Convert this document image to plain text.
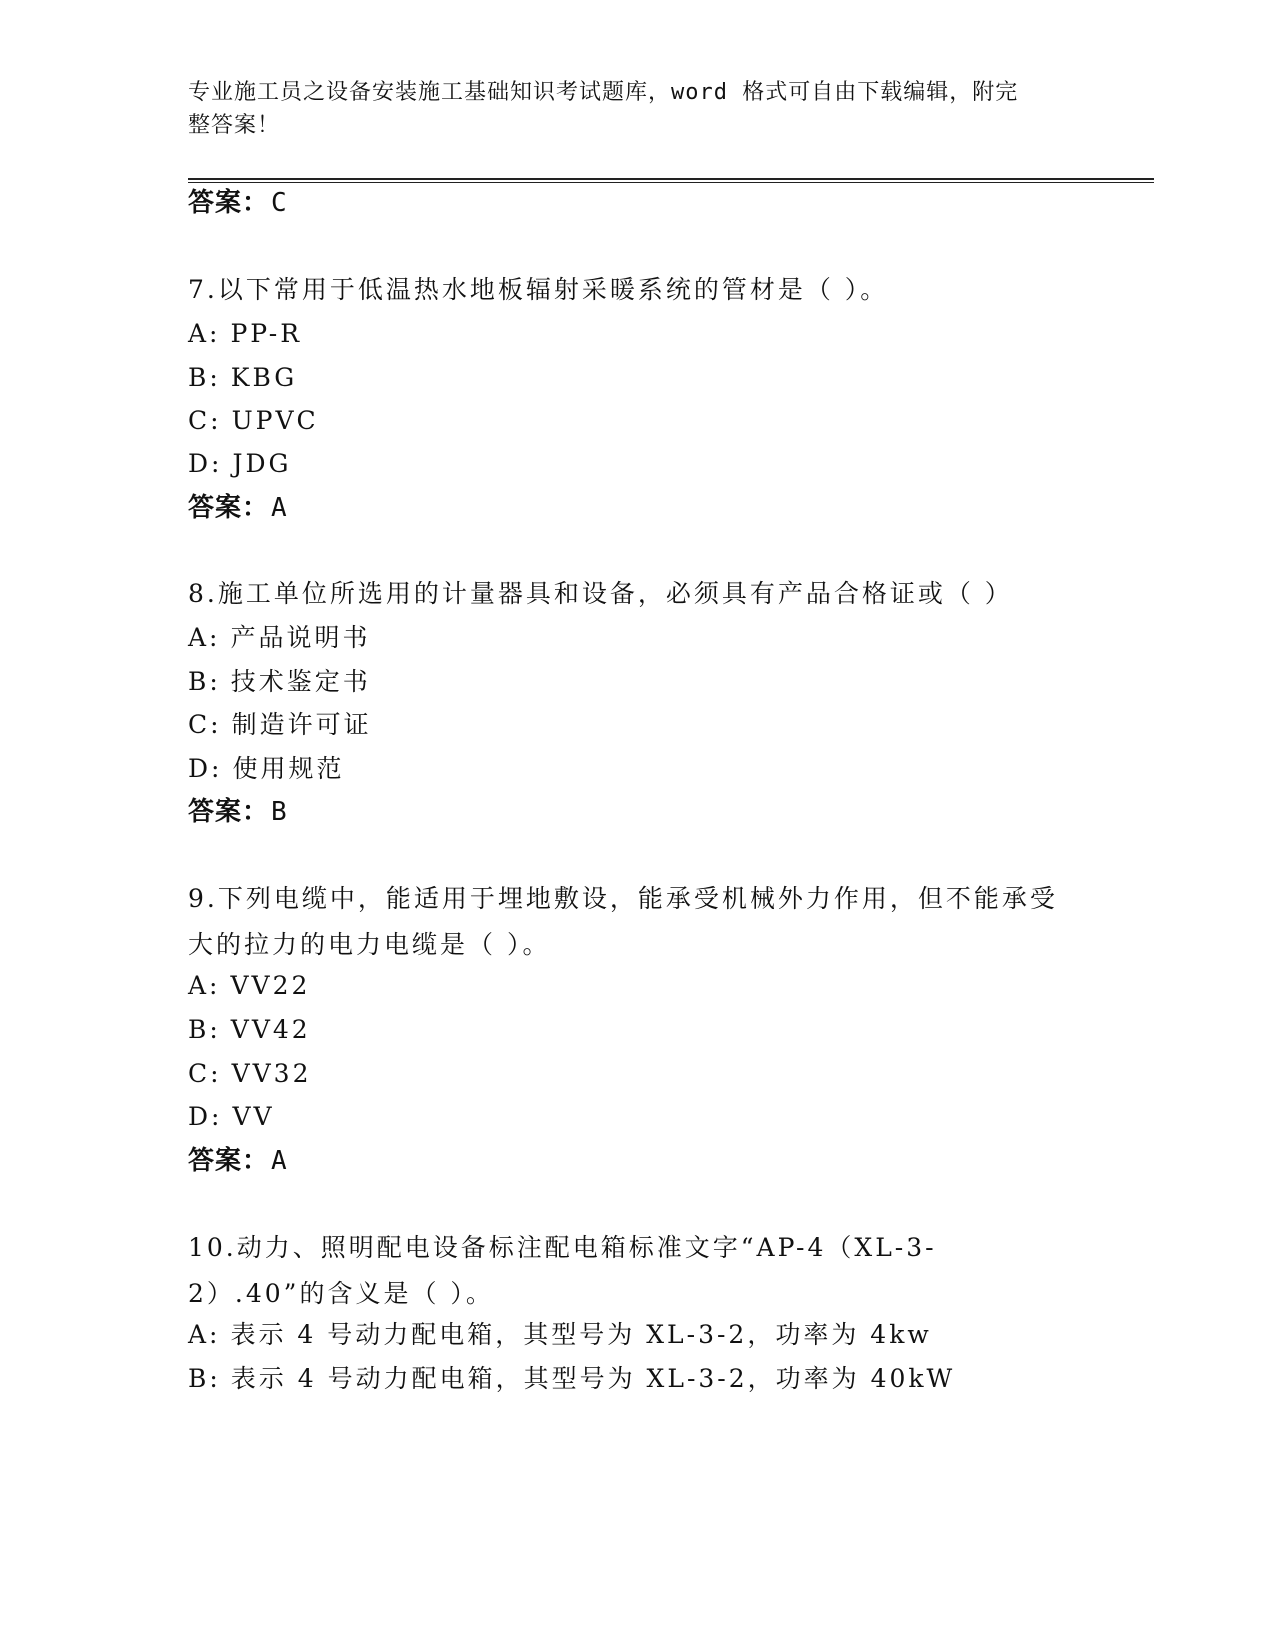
专业施工员之设备安装施工基础知识考试题库，word 格式可自由下载编辑，附完
整答案！
答案：C
7.以下常用于低温热水地板辐射采暖系统的管材是（ ）。
A: PP-R
B: KBG
C: UPVC
D: JDG
答案：A
8.施工单位所选用的计量器具和设备，必须具有产品合格证或（ ）
A: 产品说明书
B: 技术鉴定书
C: 制造许可证
D: 使用规范
答案：B
9.下列电缆中，能适用于埋地敷设，能承受机械外力作用，但不能承受大的拉力的电力电缆是（ ）。
A: VV22
B: VV42
C: VV32
D: VV
答案：A
10.动力、照明配电设备标注配电箱标准文字“AP-4（XL-3-2）.40”的含义是（ ）。
A: 表示 4 号动力配电箱，其型号为 XL-3-2，功率为 4kw
B: 表示 4 号动力配电箱，其型号为 XL-3-2，功率为 40kW
